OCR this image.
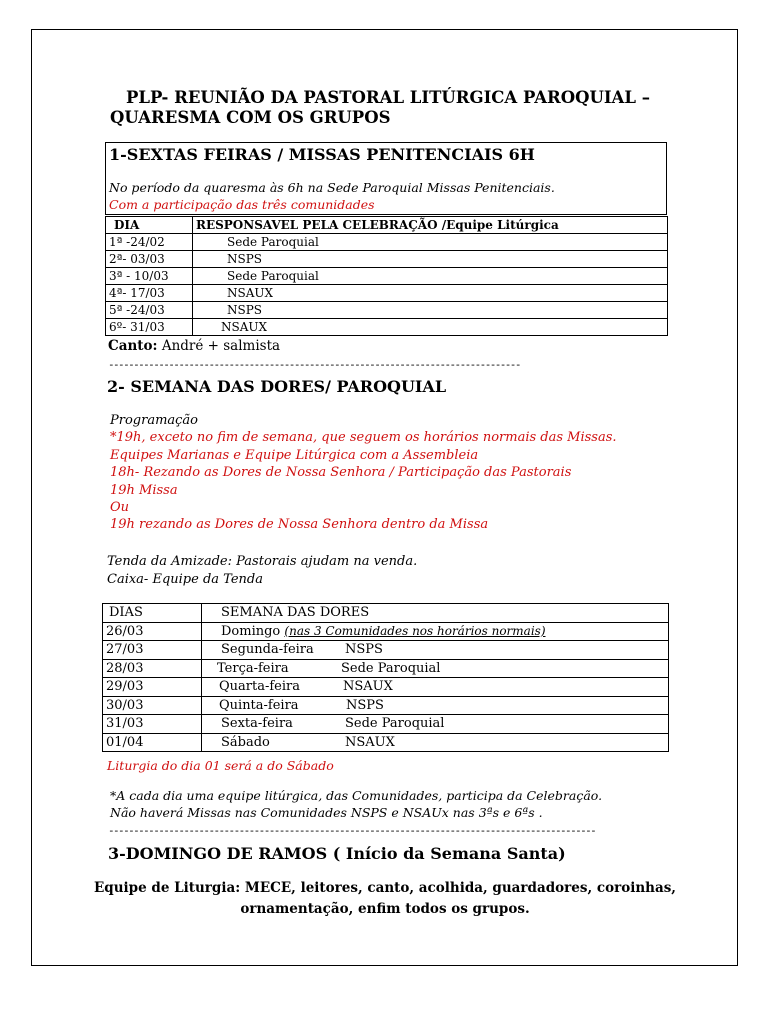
PLP- REUNIÃO DA PASTORAL LITÚRGICA PAROQUIAL –
QUARESMA COM OS GRUPOS
1-SEXTAS FEIRAS / MISSAS PENITENCIAIS 6H
No período da quaresma às 6h na Sede Paroquial Missas Penitenciais.
Com a participação das três comunidades
DIA	RESPONSAVEL PELA CELEBRAÇÃO /Equipe Litúrgica
1ª -24/02	Sede Paroquial
2ª- 03/03	NSPS
3ª - 10/03	Sede Paroquial
4ª- 17/03	NSAUX
5ª -24/03	NSPS
6º- 31/03	NSAUX
Canto: André + salmista
----------------------------------------------------------------------------------
2- SEMANA DAS DORES/ PAROQUIAL
Programação
*19h, exceto no fim de semana, que seguem os horários normais das Missas.
Equipes Marianas e Equipe Litúrgica com a Assembleia
18h- Rezando as Dores de Nossa Senhora / Participação das Pastorais
19h Missa
Ou
19h rezando as Dores de Nossa Senhora dentro da Missa
Tenda da Amizade: Pastorais ajudam na venda.
Caixa- Equipe da Tenda
DIAS	SEMANA DAS DORES
26/03	Domingo (nas 3 Comunidades nos horários normais)
27/03	Segunda-feira NSPS
28/03	Terça-feira Sede Paroquial
29/03	Quarta-feira NSAUX
30/03	Quinta-feira NSPS
31/03	Sexta-feira Sede Paroquial
01/04	Sábado NSAUX
Liturgia do dia 01 será a do Sábado
*A cada dia uma equipe litúrgica, das Comunidades, participa da Celebração.
Não haverá Missas nas Comunidades NSPS e NSAUx nas 3ªs e 6ªs .
-------------------------------------------------------------------------------------------------
3-DOMINGO DE RAMOS ( Início da Semana Santa)
Equipe de Liturgia: MECE, leitores, canto, acolhida, guardadores, coroinhas, ornamentação, enfim todos os grupos.
